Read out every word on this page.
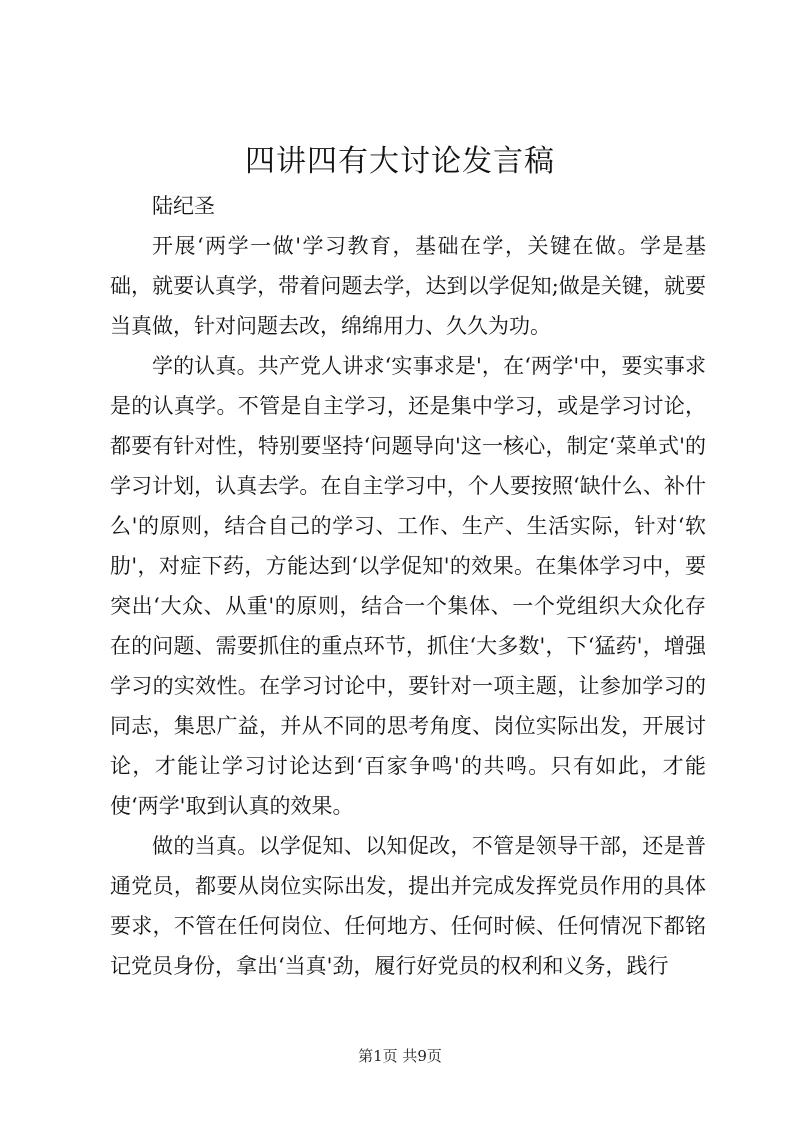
四讲四有大讨论发言稿

陆纪圣

开展‘两学一做'学习教育，基础在学，关键在做。学是基础，就要认真学，带着问题去学，达到以学促知;做是关键，就要当真做，针对问题去改，绵绵用力、久久为功。

学的认真。共产党人讲求‘实事求是'，在‘两学'中，要实事求是的认真学。不管是自主学习，还是集中学习，或是学习讨论，都要有针对性，特别要坚持‘问题导向'这一核心，制定‘菜单式'的学习计划，认真去学。在自主学习中，个人要按照‘缺什么、补什么'的原则，结合自己的学习、工作、生产、生活实际，针对‘软肋'，对症下药，方能达到‘以学促知'的效果。在集体学习中，要突出‘大众、从重'的原则，结合一个集体、一个党组织大众化存在的问题、需要抓住的重点环节，抓住‘大多数'，下‘猛药'，增强学习的实效性。在学习讨论中，要针对一项主题，让参加学习的同志，集思广益，并从不同的思考角度、岗位实际出发，开展讨论，才能让学习讨论达到‘百家争鸣'的共鸣。只有如此，才能使‘两学'取到认真的效果。

做的当真。以学促知、以知促改，不管是领导干部，还是普通党员，都要从岗位实际出发，提出并完成发挥党员作用的具体要求，不管在任何岗位、任何地方、任何时候、任何情况下都铭记党员身份，拿出‘当真'劲，履行好党员的权利和义务，践行

第1页 共9页
